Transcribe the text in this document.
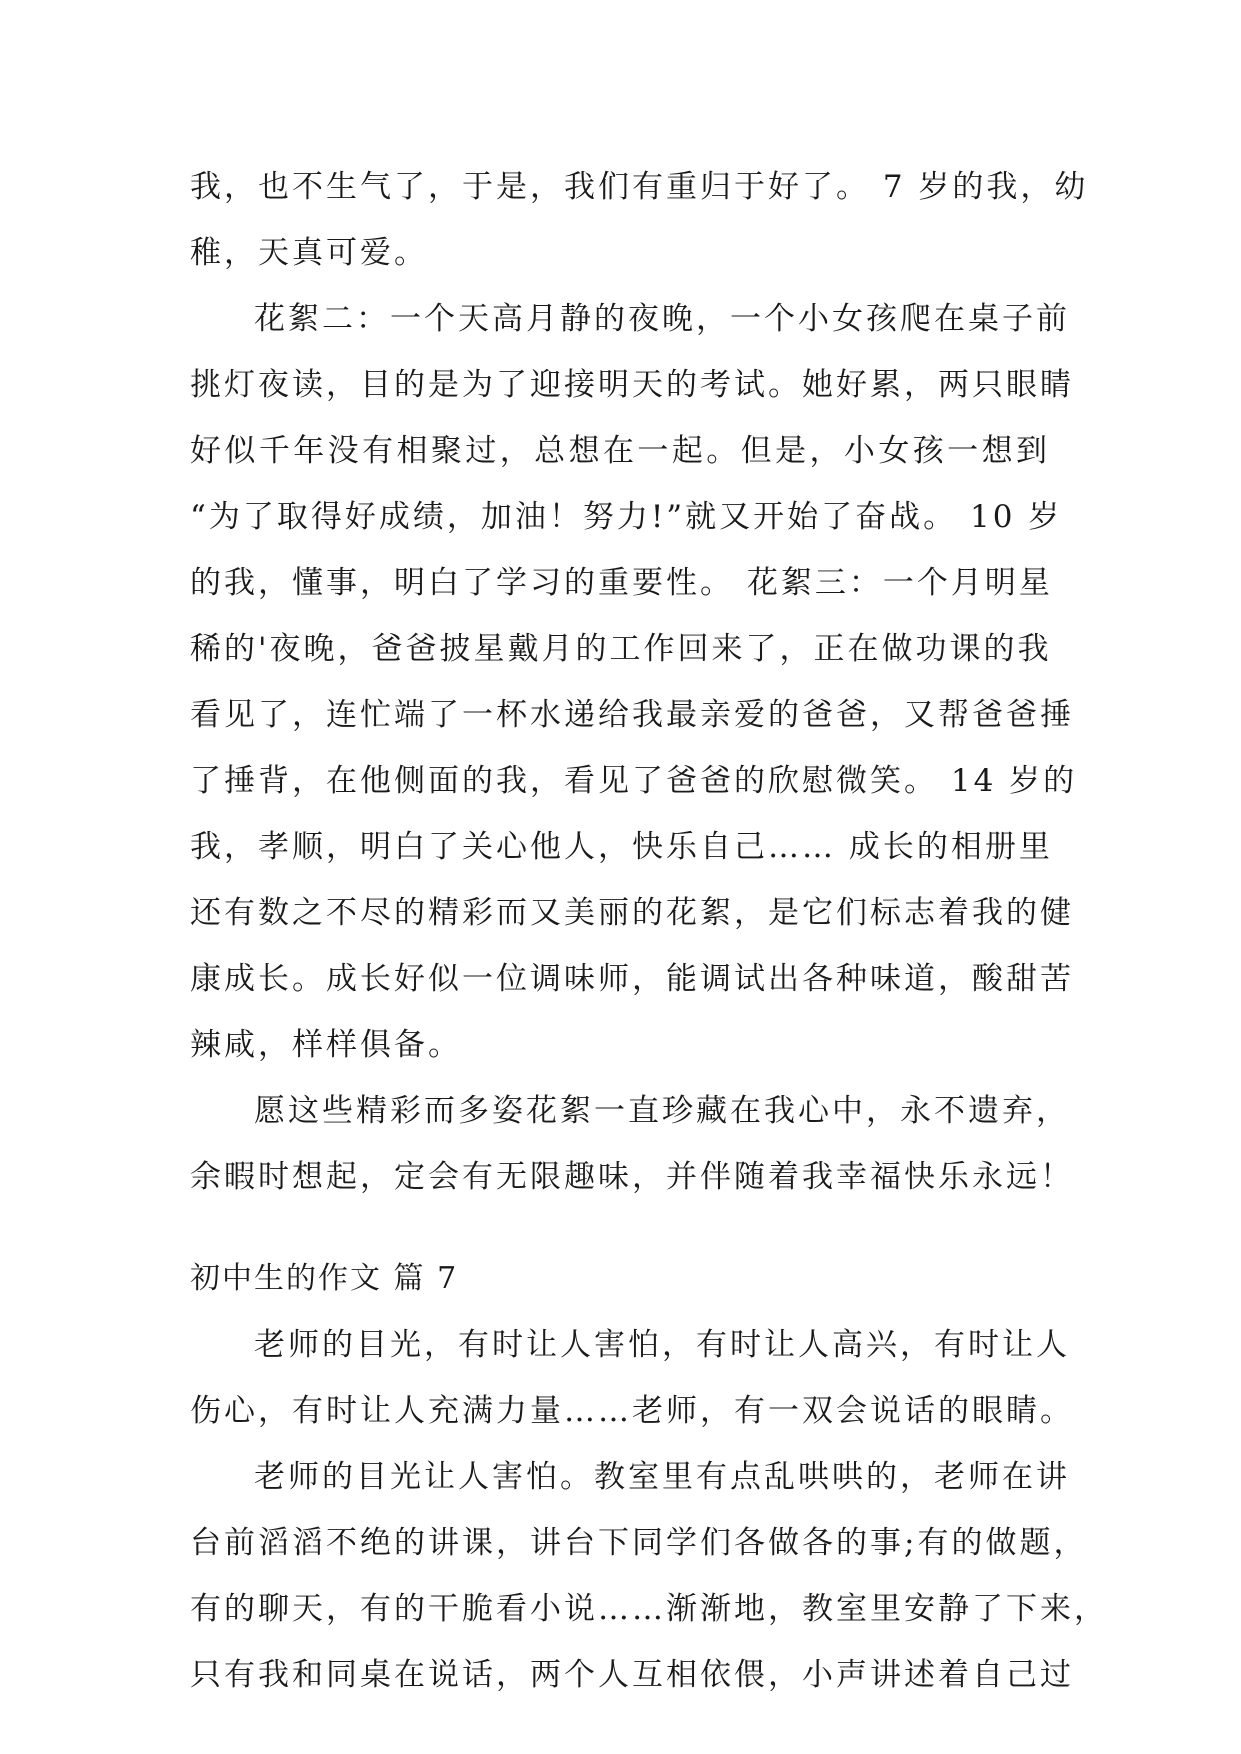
我，也不生气了，于是，我们有重归于好了。 7 岁的我，幼
稚，天真可爱。
花絮二：一个天高月静的夜晚，一个小女孩爬在桌子前
挑灯夜读，目的是为了迎接明天的考试。她好累，两只眼睛
好似千年没有相聚过，总想在一起。但是，小女孩一想到
“为了取得好成绩，加油！努力!”就又开始了奋战。 10 岁
的我，懂事，明白了学习的重要性。 花絮三：一个月明星
稀的'夜晚，爸爸披星戴月的工作回来了，正在做功课的我
看见了，连忙端了一杯水递给我最亲爱的爸爸，又帮爸爸捶
了捶背，在他侧面的我，看见了爸爸的欣慰微笑。 14 岁的
我，孝顺，明白了关心他人，快乐自己…… 成长的相册里
还有数之不尽的精彩而又美丽的花絮，是它们标志着我的健
康成长。成长好似一位调味师，能调试出各种味道，酸甜苦
辣咸，样样俱备。
愿这些精彩而多姿花絮一直珍藏在我心中，永不遗弃，
余暇时想起，定会有无限趣味，并伴随着我幸福快乐永远！
初中生的作文 篇 7
老师的目光，有时让人害怕，有时让人高兴，有时让人
伤心，有时让人充满力量……老师，有一双会说话的眼睛。
老师的目光让人害怕。教室里有点乱哄哄的，老师在讲
台前滔滔不绝的讲课，讲台下同学们各做各的事;有的做题，
有的聊天，有的干脆看小说……渐渐地，教室里安静了下来，
只有我和同桌在说话，两个人互相依偎，小声讲述着自己过
